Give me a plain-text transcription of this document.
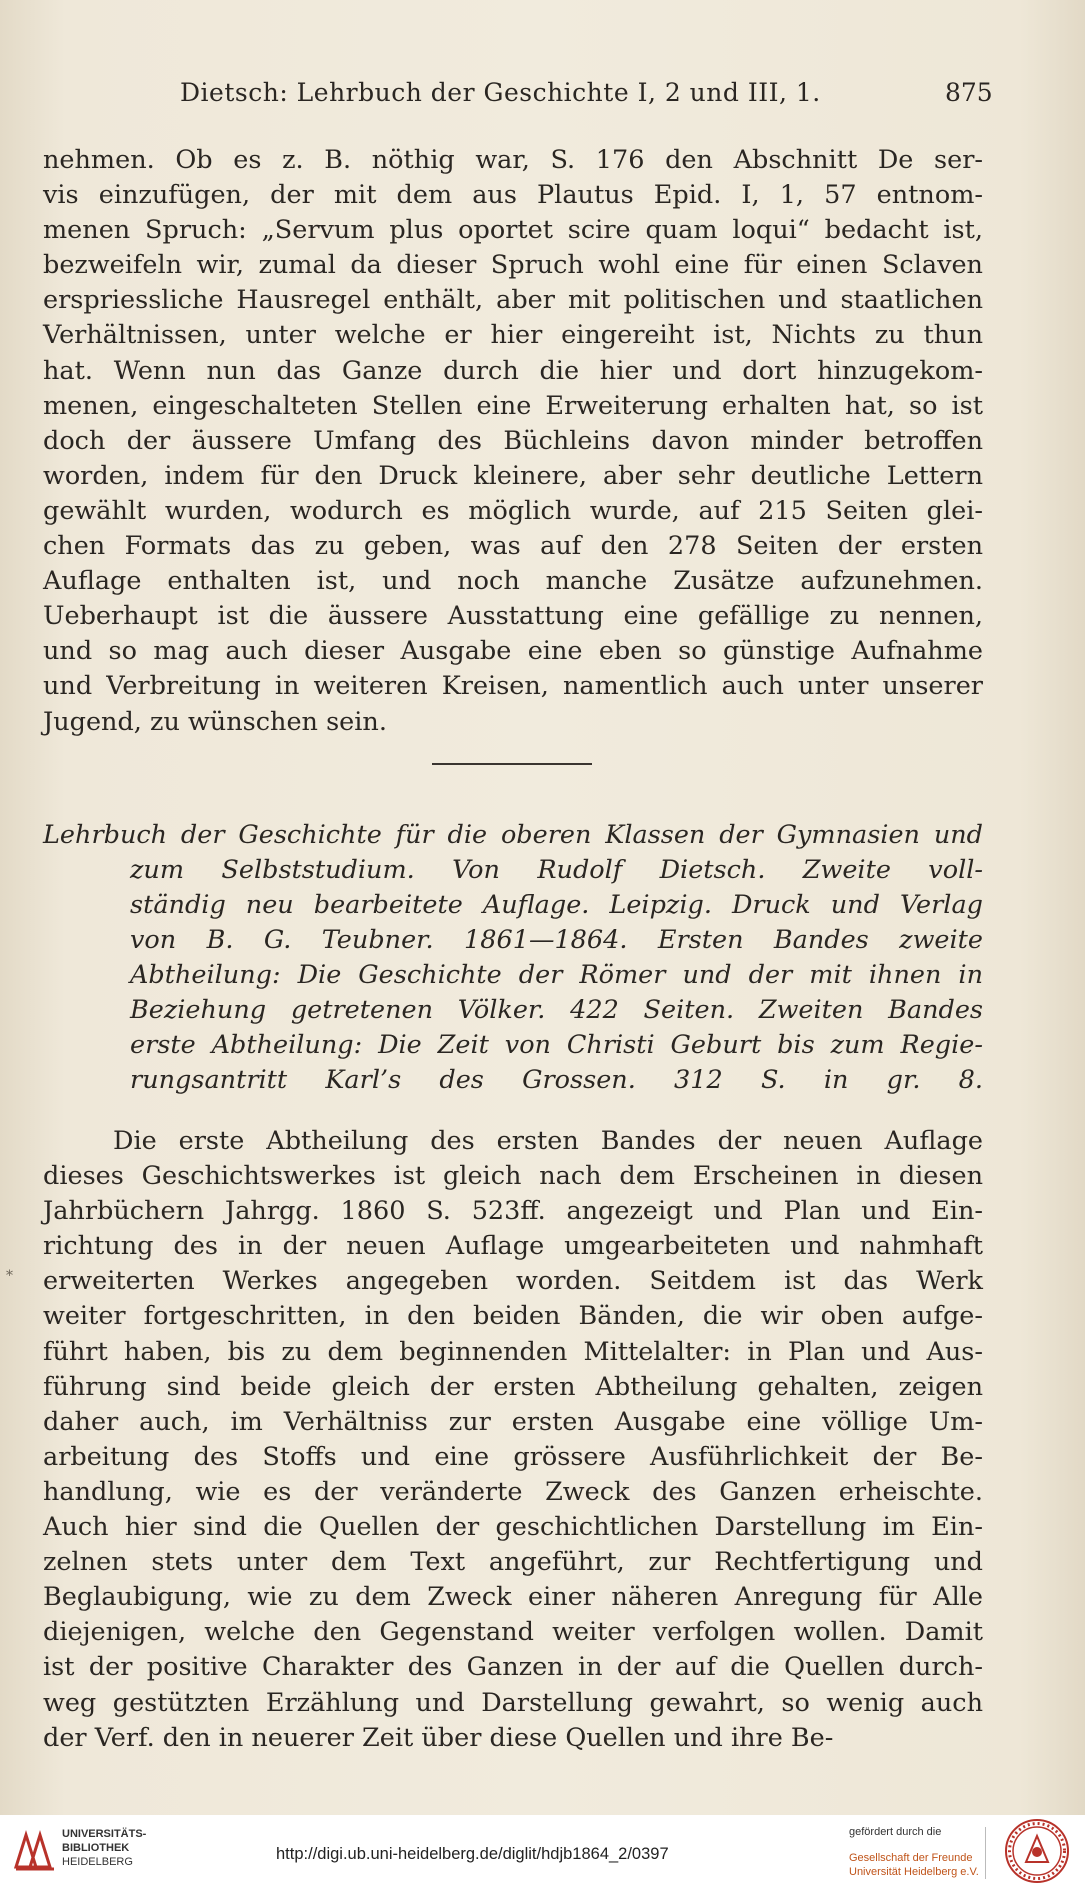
Dietsch: Lehrbuch der Geschichte I, 2 und III, 1.	875
nehmen. Ob es z. B. nöthig war, S. 176 den Abschnitt De ser-
vis einzufügen, der mit dem aus Plautus Epid. I, 1, 57 entnom-
menen Spruch: „Servum plus oportet scire quam loqui“ bedacht ist,
bezweifeln wir, zumal da dieser Spruch wohl eine für einen Sclaven
erspriessliche Hausregel enthält, aber mit politischen und staatlichen
Verhältnissen, unter welche er hier eingereiht ist, Nichts zu thun
hat. Wenn nun das Ganze durch die hier und dort hinzugekom-
menen, eingeschalteten Stellen eine Erweiterung erhalten hat, so ist
doch der äussere Umfang des Büchleins davon minder betroffen
worden, indem für den Druck kleinere, aber sehr deutliche Lettern
gewählt wurden, wodurch es möglich wurde, auf 215 Seiten glei-
chen Formats das zu geben, was auf den 278 Seiten der ersten
Auflage enthalten ist, und noch manche Zusätze aufzunehmen.
Ueberhaupt ist die äussere Ausstattung eine gefällige zu nennen,
und so mag auch dieser Ausgabe eine eben so günstige Aufnahme
und Verbreitung in weiteren Kreisen, namentlich auch unter unserer
Jugend, zu wünschen sein.
Lehrbuch der Geschichte für die oberen Klassen der Gymnasien und
zum Selbststudium. Von Rudolf Dietsch. Zweite voll-
ständig neu bearbeitete Auflage. Leipzig. Druck und Verlag
von B. G. Teubner. 1861—1864. Ersten Bandes zweite
Abtheilung: Die Geschichte der Römer und der mit ihnen in
Beziehung getretenen Völker. 422 Seiten. Zweiten Bandes
erste Abtheilung: Die Zeit von Christi Geburt bis zum Regie-
rungsantritt Karl’s des Grossen. 312 S. in gr. 8.
Die erste Abtheilung des ersten Bandes der neuen Auflage
dieses Geschichtswerkes ist gleich nach dem Erscheinen in diesen
Jahrbüchern Jahrgg. 1860 S. 523ff. angezeigt und Plan und Ein-
richtung des in der neuen Auflage umgearbeiteten und nahmhaft
erweiterten Werkes angegeben worden. Seitdem ist das Werk
weiter fortgeschritten, in den beiden Bänden, die wir oben aufge-
führt haben, bis zu dem beginnenden Mittelalter: in Plan und Aus-
führung sind beide gleich der ersten Abtheilung gehalten, zeigen
daher auch, im Verhältniss zur ersten Ausgabe eine völlige Um-
arbeitung des Stoffs und eine grössere Ausführlichkeit der Be-
handlung, wie es der veränderte Zweck des Ganzen erheischte.
Auch hier sind die Quellen der geschichtlichen Darstellung im Ein-
zelnen stets unter dem Text angeführt, zur Rechtfertigung und
Beglaubigung, wie zu dem Zweck einer näheren Anregung für Alle
diejenigen, welche den Gegenstand weiter verfolgen wollen. Damit
ist der positive Charakter des Ganzen in der auf die Quellen durch-
weg gestützten Erzählung und Darstellung gewahrt, so wenig auch
der Verf. den in neuerer Zeit über diese Quellen und ihre Be-
*
UNIVERSITÄTS-
BIBLIOTHEK
HEIDELBERG	http://digi.ub.uni-heidelberg.de/diglit/hdjb1864_2/0397
gefördert durch die
Gesellschaft der Freunde
Universität Heidelberg e.V.
